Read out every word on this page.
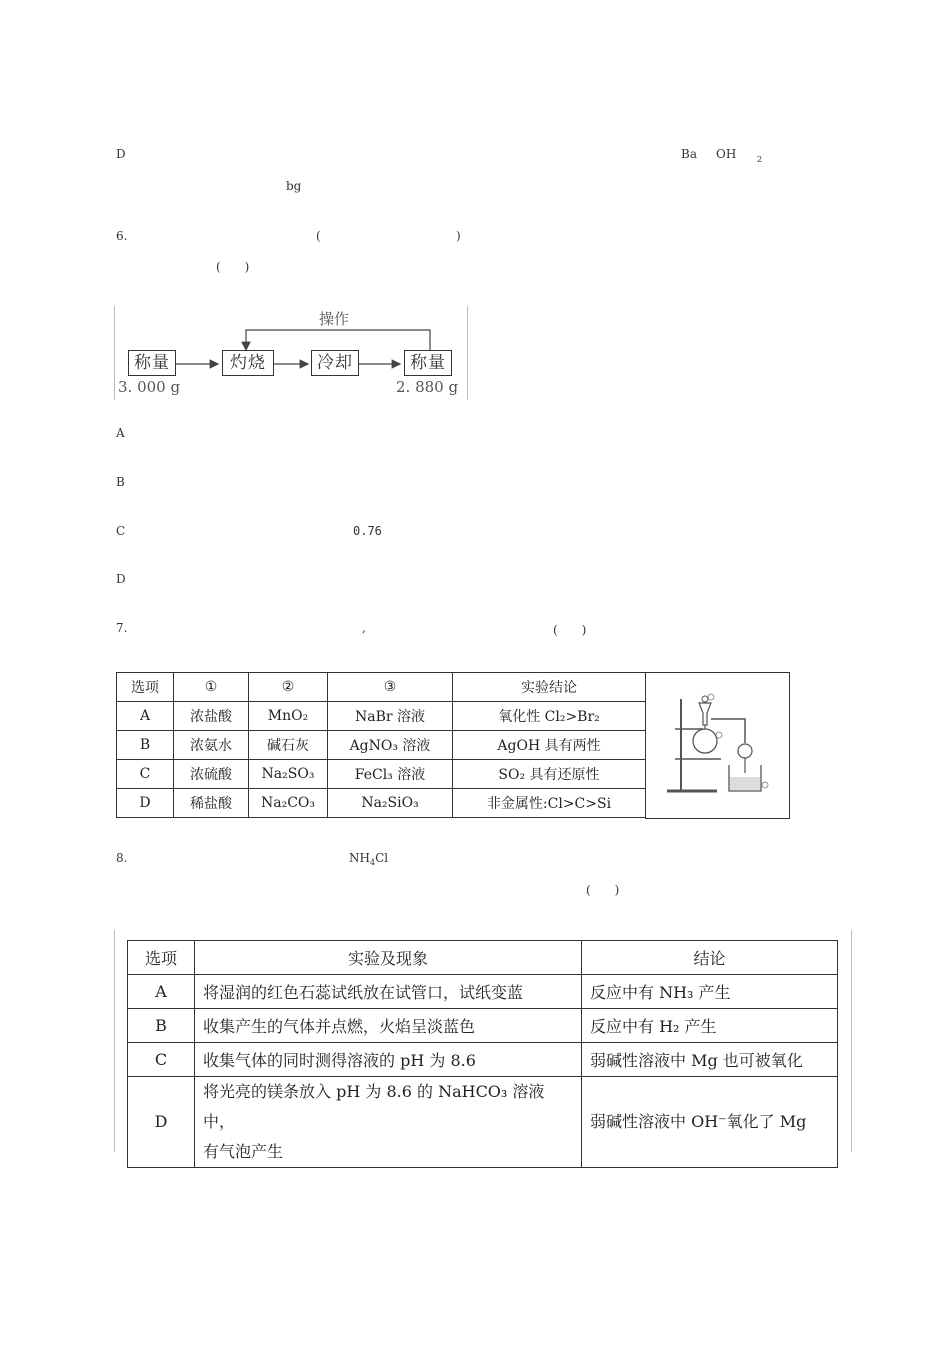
D	Ba OH	2
bg
6.	(	)
(　　)
操作
称量	灼烧	冷却	称量
3. 000 g	2. 880 g
A
B
C	0.76
D
7.	,	(　　)
选项	①	②	③	实验结论
A	浓盐酸	MnO₂	NaBr 溶液	氧化性 Cl₂>Br₂
B	浓氨水	碱石灰	AgNO₃ 溶液	AgOH 具有两性
C	浓硫酸	Na₂SO₃	FeCl₃ 溶液	SO₂ 具有还原性
D	稀盐酸	Na₂CO₃	Na₂SiO₃	非金属性:Cl>C>Si
8.	$NH_4Cl$
(　　)
选项	实验及现象	结论
A	将湿润的红色石蕊试纸放在试管口，试纸变蓝	反应中有 NH₃ 产生
B	收集产生的气体并点燃，火焰呈淡蓝色	反应中有 H₂ 产生
C	收集气体的同时测得溶液的 pH 为 8.6	弱碱性溶液中 Mg 也可被氧化
D	将光亮的镁条放入 pH 为 8.6 的 NaHCO₃ 溶液中，
有气泡产生	弱碱性溶液中 OH⁻氧化了 Mg
